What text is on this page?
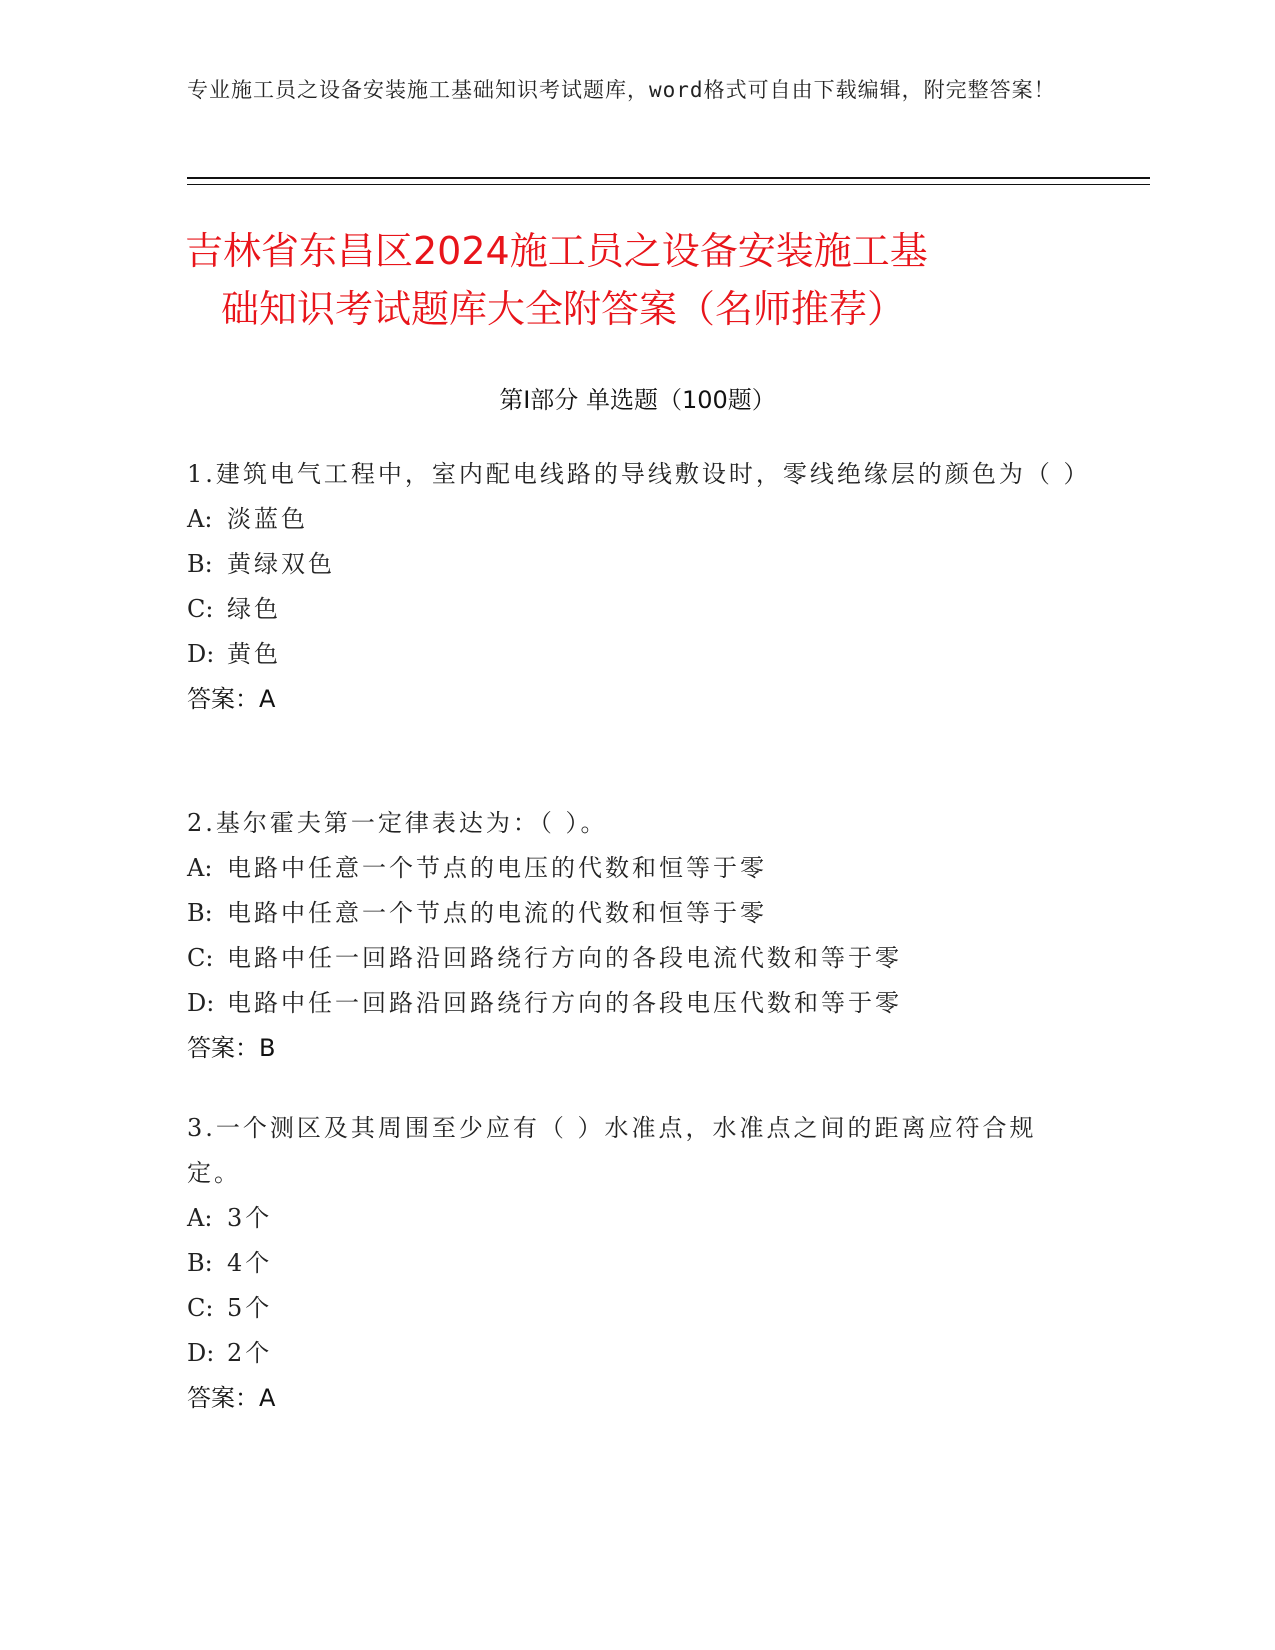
专业施工员之设备安装施工基础知识考试题库，word格式可自由下载编辑，附完整答案！
吉林省东昌区2024施工员之设备安装施工基
础知识考试题库大全附答案（名师推荐）
第Ⅰ部分 单选题（100题）
1.建筑电气工程中，室内配电线路的导线敷设时，零线绝缘层的颜色为（ ）
A: 淡蓝色
B: 黄绿双色
C: 绿色
D: 黄色
答案：A
2.基尔霍夫第一定律表达为：（ ）。
A: 电路中任意一个节点的电压的代数和恒等于零
B: 电路中任意一个节点的电流的代数和恒等于零
C: 电路中任一回路沿回路绕行方向的各段电流代数和等于零
D: 电路中任一回路沿回路绕行方向的各段电压代数和等于零
答案：B
3.一个测区及其周围至少应有（ ）水准点，水准点之间的距离应符合规定。
A: 3个
B: 4个
C: 5个
D: 2个
答案：A
